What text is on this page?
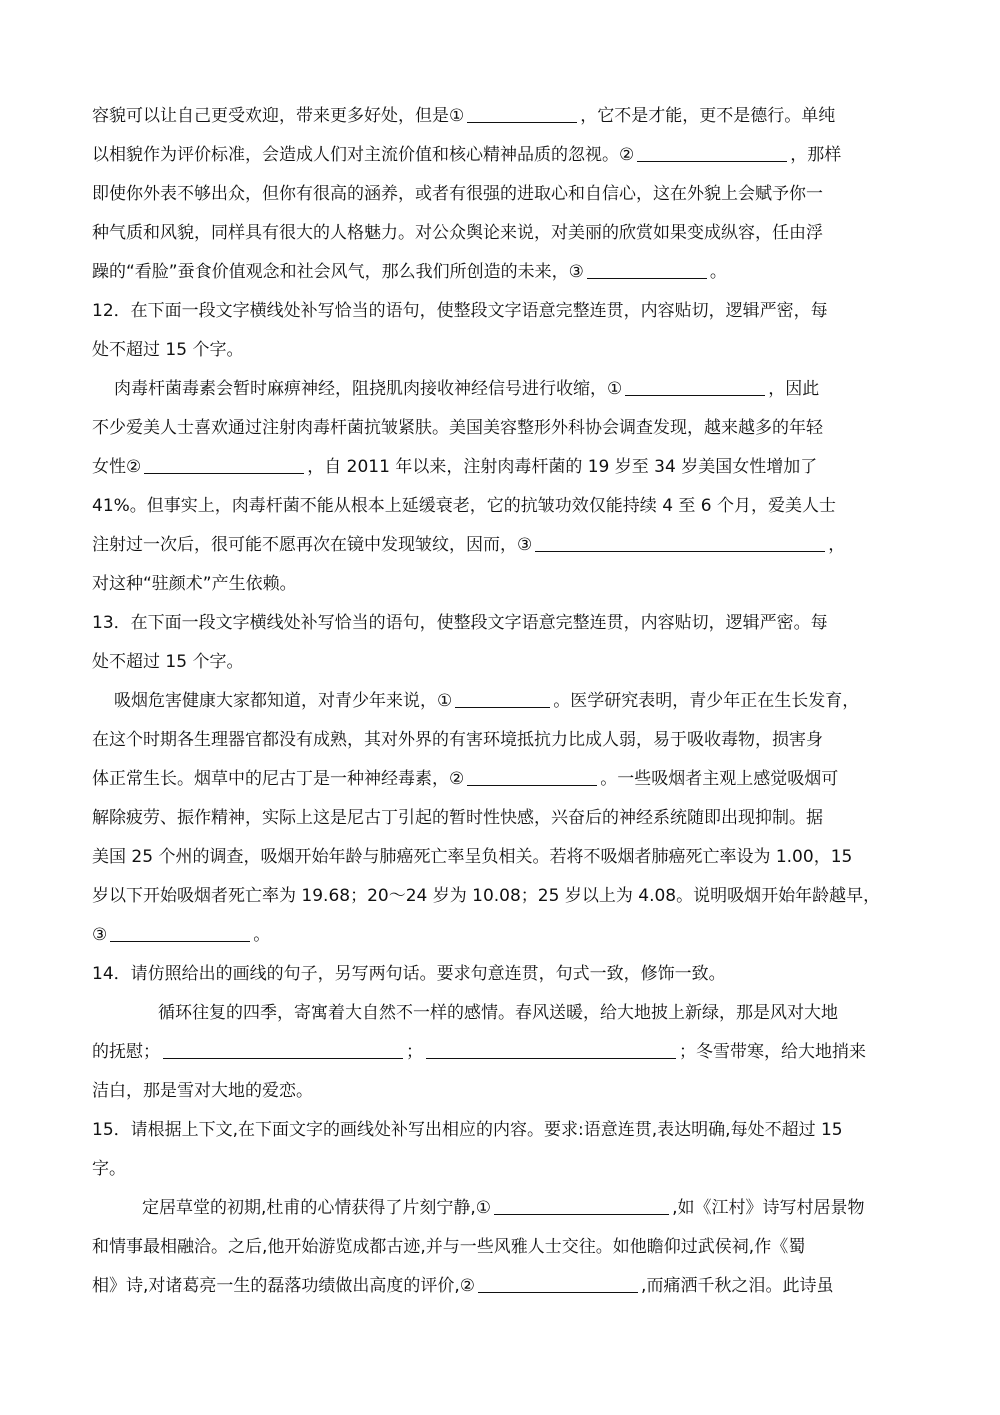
容貌可以让自己更受欢迎，带来更多好处，但是①	，它不是才能，更不是德行。单纯
以相貌作为评价标准，会造成人们对主流价值和核心精神品质的忽视。②	，那样
即使你外表不够出众，但你有很高的涵养，或者有很强的进取心和自信心，这在外貌上会赋予你一
种气质和风貌，同样具有很大的人格魅力。对公众舆论来说，对美丽的欣赏如果变成纵容，任由浮
躁的“看脸”蚕食价值观念和社会风气，那么我们所创造的未来，③	。
12．在下面一段文字横线处补写恰当的语句，使整段文字语意完整连贯，内容贴切，逻辑严密，每
处不超过 15 个字。
肉毒杆菌毒素会暂时麻痹神经，阻挠肌肉接收神经信号进行收缩，①	，因此
不少爱美人士喜欢通过注射肉毒杆菌抗皱紧肤。美国美容整形外科协会调查发现，越来越多的年轻
女性②	，自 2011 年以来，注射肉毒杆菌的 19 岁至 34 岁美国女性增加了
41%。但事实上，肉毒杆菌不能从根本上延缓衰老，它的抗皱功效仅能持续 4 至 6 个月，爱美人士
注射过一次后，很可能不愿再次在镜中发现皱纹，因而，③	，
对这种“驻颜术”产生依赖。
13．在下面一段文字横线处补写恰当的语句，使整段文字语意完整连贯，内容贴切，逻辑严密。每
处不超过 15 个字。
吸烟危害健康大家都知道，对青少年来说，①	。医学研究表明，青少年正在生长发育，
在这个时期各生理器官都没有成熟，其对外界的有害环境抵抗力比成人弱，易于吸收毒物，损害身
体正常生长。烟草中的尼古丁是一种神经毒素，②	。一些吸烟者主观上感觉吸烟可
解除疲劳、振作精神，实际上这是尼古丁引起的暂时性快感，兴奋后的神经系统随即出现抑制。据
美国 25 个州的调查，吸烟开始年龄与肺癌死亡率呈负相关。若将不吸烟者肺癌死亡率设为 1.00，15
岁以下开始吸烟者死亡率为 19.68；20～24 岁为 10.08；25 岁以上为 4.08。说明吸烟开始年龄越早，
③	。
14．请仿照给出的画线的句子，另写两句话。要求句意连贯，句式一致，修饰一致。
循环往复的四季，寄寓着大自然不一样的感情。春风送暖，给大地披上新绿，那是风对大地
的抚慰；	；	；冬雪带寒，给大地捎来
洁白，那是雪对大地的爱恋。
15．请根据上下文,在下面文字的画线处补写出相应的内容。要求:语意连贯,表达明确,每处不超过 15
字。
定居草堂的初期,杜甫的心情获得了片刻宁静,①	,如《江村》诗写村居景物
和情事最相融洽。之后,他开始游览成都古迹,并与一些风雅人士交往。如他瞻仰过武侯祠,作《蜀
相》诗,对诸葛亮一生的磊落功绩做出高度的评价,②	,而痛洒千秋之泪。此诗虽
